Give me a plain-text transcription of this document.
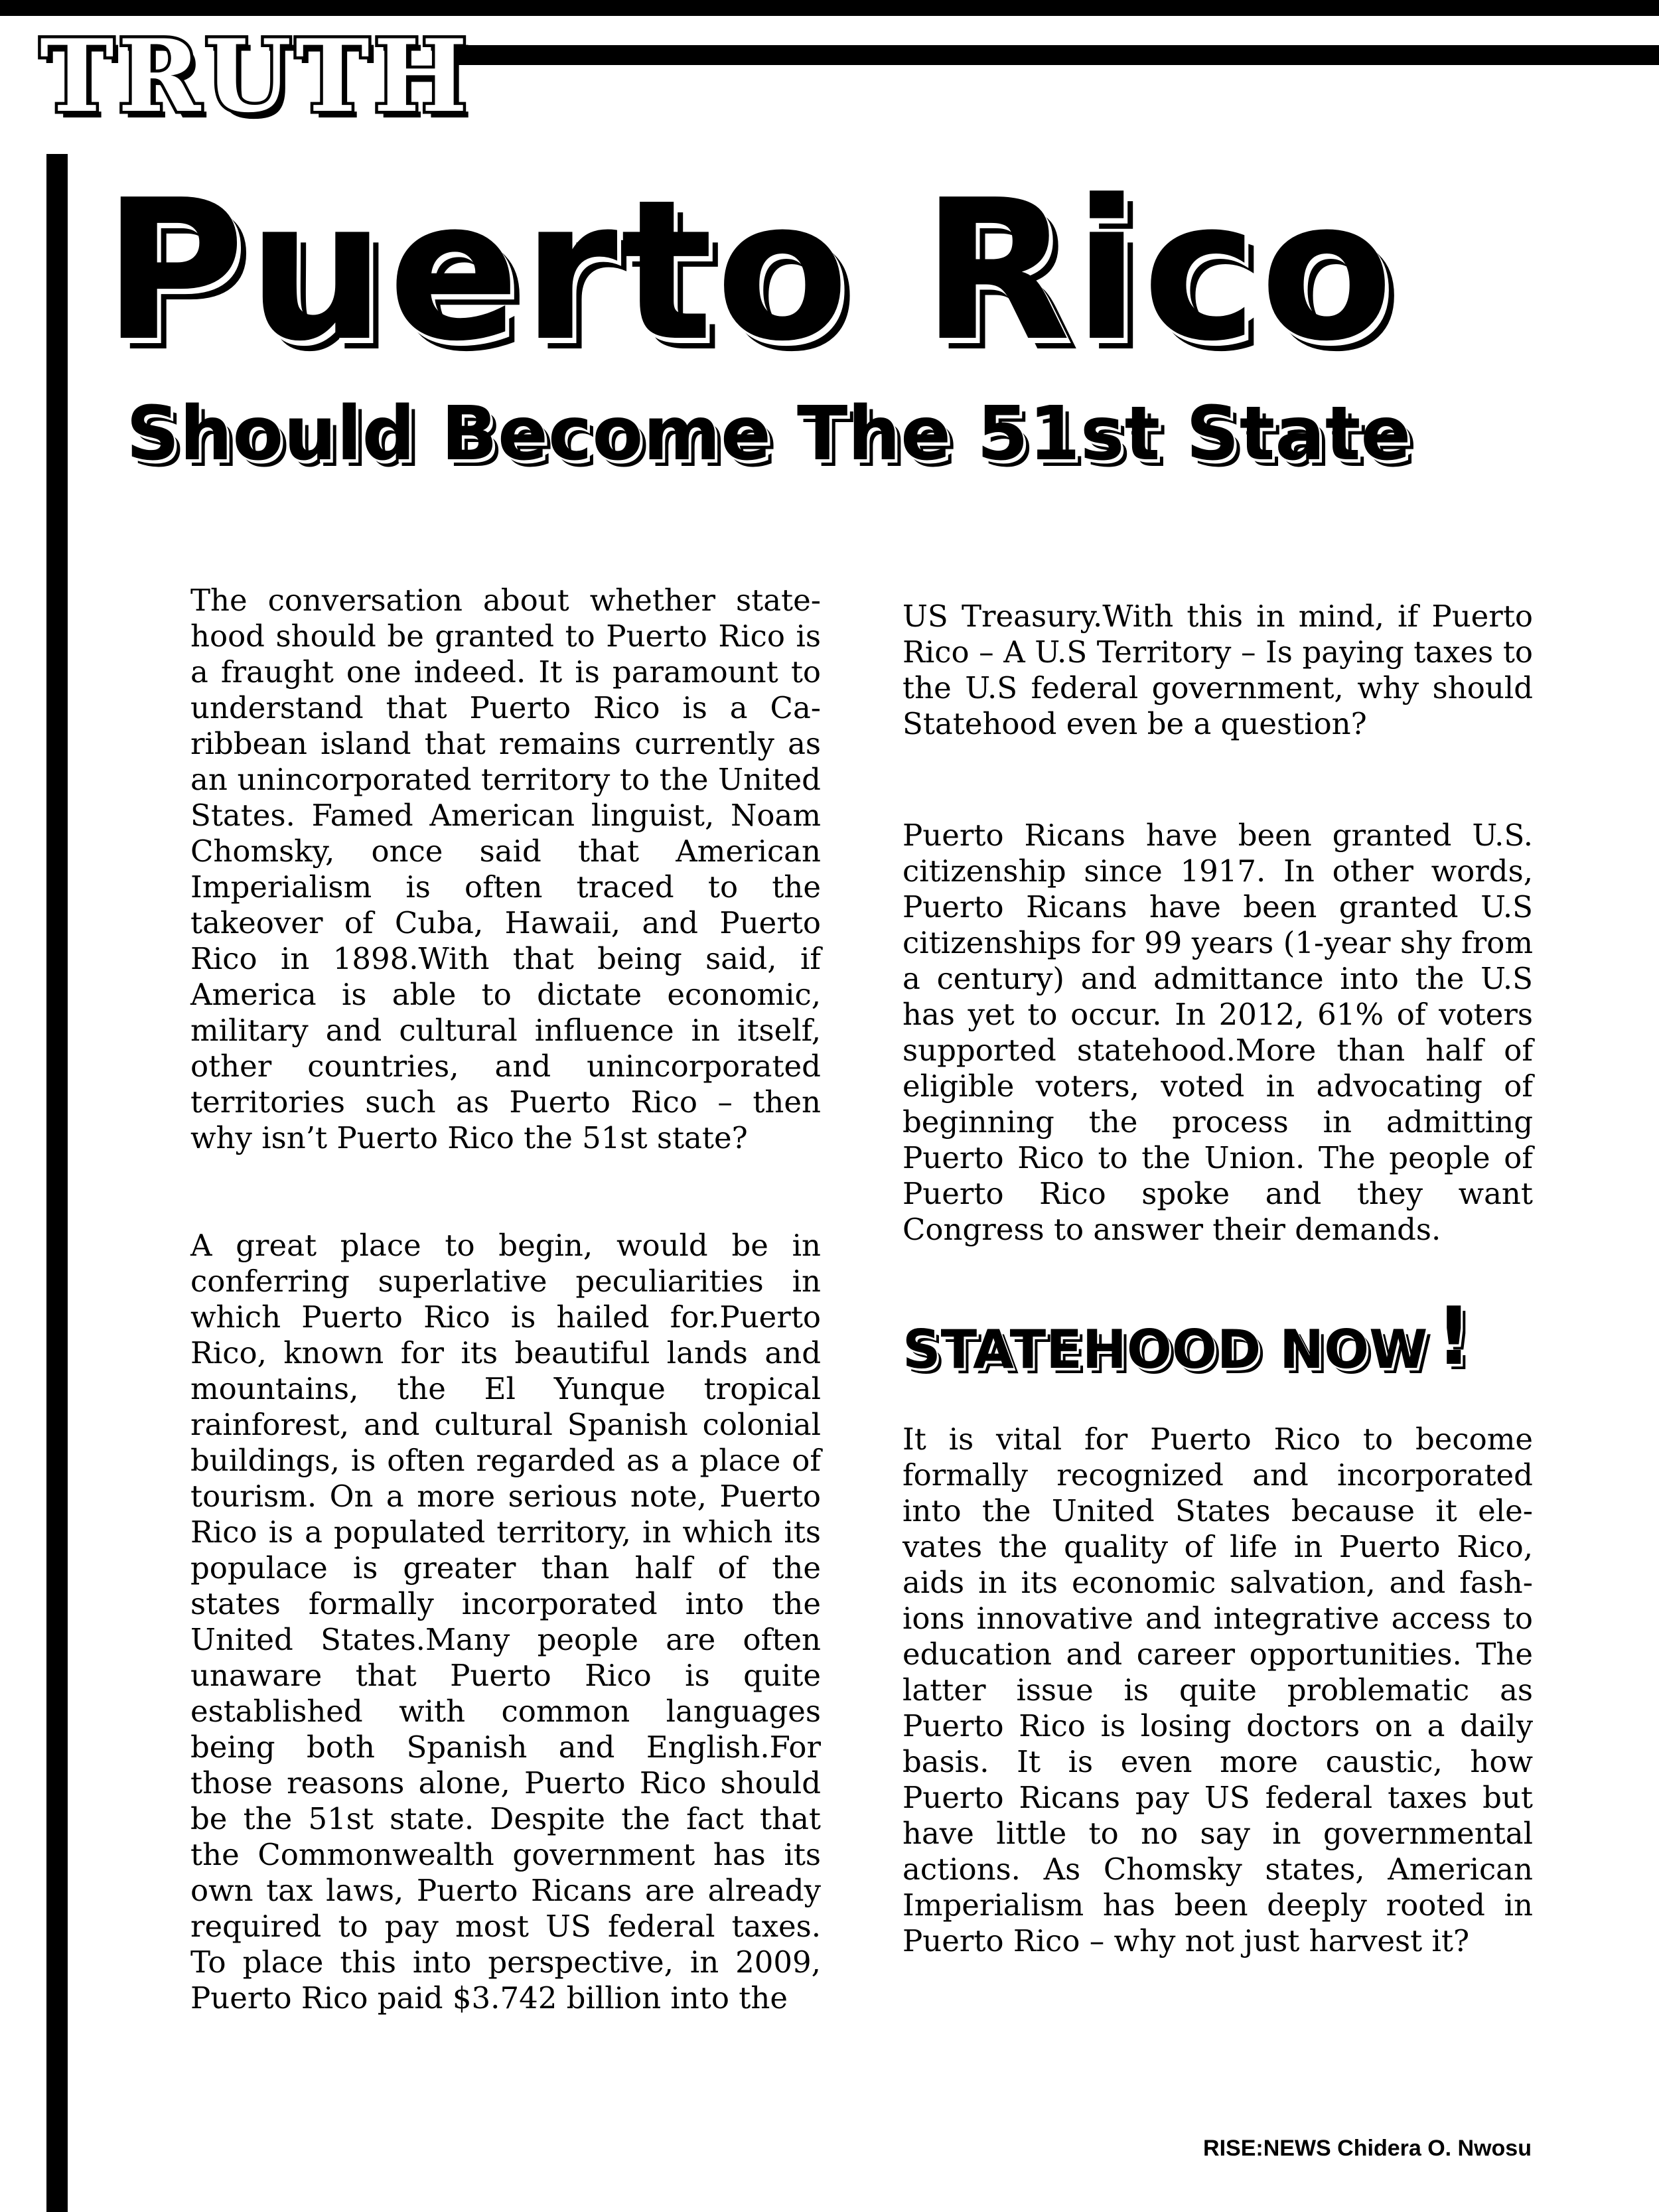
TRUTH
Puerto Rico
Should Become The 51st State

The conversation about whether statehood should be granted to Puerto Rico is a fraught one indeed. It is paramount to understand that Puerto Rico is a Caribbean island that remains currently as an unincorporated territory to the United States. Famed American linguist, Noam Chomsky, once said that American Imperialism is often traced to the takeover of Cuba, Hawaii, and Puerto Rico in 1898.With that being said, if America is able to dictate economic, military and cultural influence in itself, other countries, and unincorporated territories such as Puerto Rico – then why isn’t Puerto Rico the 51st state?

A great place to begin, would be in conferring superlative peculiarities in which Puerto Rico is hailed for.Puerto Rico, known for its beautiful lands and mountains, the El Yunque tropical rainforest, and cultural Spanish colonial buildings, is often regarded as a place of tourism. On a more serious note, Puerto Rico is a populated territory, in which its populace is greater than half of the states formally incorporated into the United States.Many people are often unaware that Puerto Rico is quite established with common languages being both Spanish and English.For those reasons alone, Puerto Rico should be the 51st state. Despite the fact that the Commonwealth government has its own tax laws, Puerto Ricans are already required to pay most US federal taxes. To place this into perspective, in 2009, Puerto Rico paid $3.742 billion into the

US Treasury.With this in mind, if Puerto Rico – A U.S Territory – Is paying taxes to the U.S federal government, why should Statehood even be a question?

Puerto Ricans have been granted U.S. citizenship since 1917. In other words, Puerto Ricans have been granted U.S citizenships for 99 years (1-year shy from a century) and admittance into the U.S has yet to occur. In 2012, 61% of voters supported statehood.More than half of eligible voters, voted in advocating of beginning the process in admitting Puerto Rico to the Union. The people of Puerto Rico spoke and they want Congress to answer their demands.

STATEHOOD NOW !

It is vital for Puerto Rico to become formally recognized and incorporated into the United States because it elevates the quality of life in Puerto Rico, aids in its economic salvation, and fashions innovative and integrative access to education and career opportunities. The latter issue is quite problematic as Puerto Rico is losing doctors on a daily basis. It is even more caustic, how Puerto Ricans pay US federal taxes but have little to no say in governmental actions. As Chomsky states, American Imperialism has been deeply rooted in Puerto Rico – why not just harvest it?

RISE:NEWS Chidera O. Nwosu
